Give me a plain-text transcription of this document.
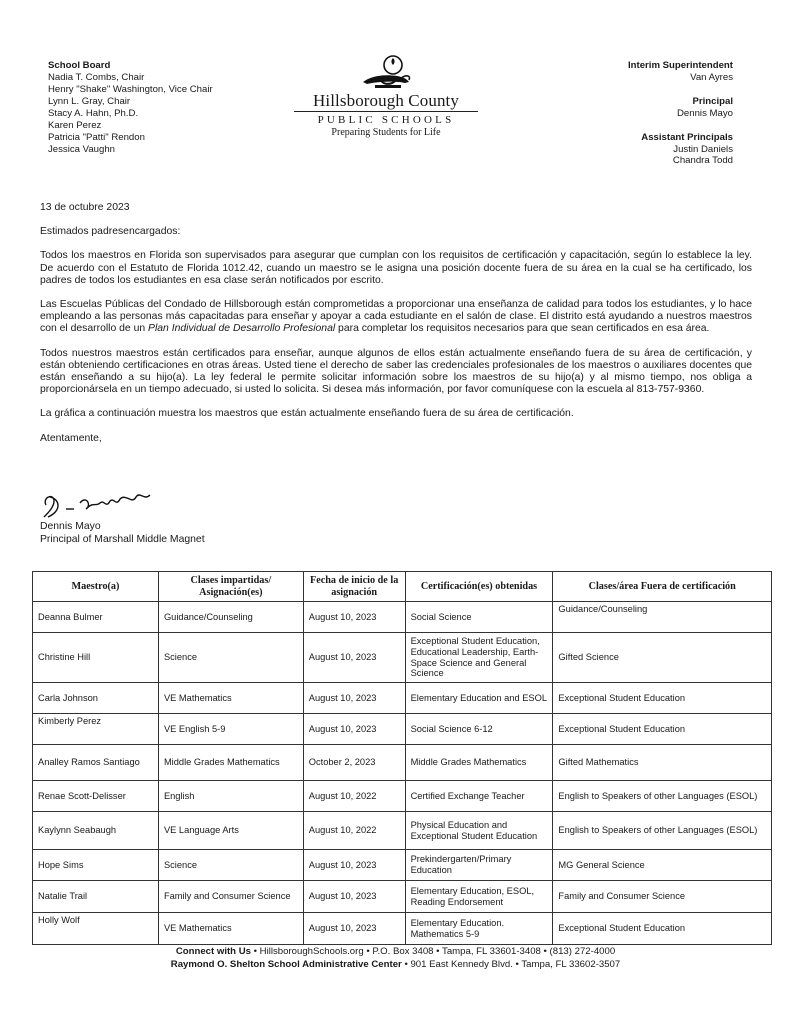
School Board
Nadia T. Combs, Chair
Henry "Shake" Washington, Vice Chair
Lynn L. Gray, Chair
Stacy A. Hahn, Ph.D.
Karen Perez
Patricia "Patti" Rendon
Jessica Vaughn
Hillsborough County
PUBLIC SCHOOLS
Preparing Students for Life
Interim Superintendent
Van Ayres
Principal
Dennis Mayo
Assistant Principals
Justin Daniels
Chandra Todd

13 de octubre 2023

Estimados padresencargados:

Todos los maestros en Florida son supervisados para asegurar que cumplan con los requisitos de certificación y capacitación, según lo establece la ley. De acuerdo con el Estatuto de Florida 1012.42, cuando un maestro se le asigna una posición docente fuera de su área en la cual se ha certificado, los padres de todos los estudiantes en esa clase serán notificados por escrito.

Las Escuelas Públicas del Condado de Hillsborough están comprometidas a proporcionar una enseñanza de calidad para todos los estudiantes, y lo hace empleando a las personas más capacitadas para enseñar y apoyar a cada estudiante en el salón de clase. El distrito está ayudando a nuestros maestros con el desarrollo de un Plan Individual de Desarrollo Profesional para completar los requisitos necesarios para que sean certificados en esa área.

Todos nuestros maestros están certificados para enseñar, aunque algunos de ellos están actualmente enseñando fuera de su área de certificación, y están obteniendo certificaciones en otras áreas. Usted tiene el derecho de saber las credenciales profesionales de los maestros o auxiliares docentes que están enseñando a su hijo(a). La ley federal le permite solicitar información sobre los maestros de su hijo(a) y al mismo tiempo, nos obliga a proporcionársela en un tiempo adecuado, si usted lo solicita. Si desea más información, por favor comuníquese con la escuela al 813-757-9360.

La gráfica a continuación muestra los maestros que están actualmente enseñando fuera de su área de certificación.

Atentamente,

Dennis Mayo
Principal of Marshall Middle Magnet
Maestro(a)	Clases impartidas/ Asignación(es)	Fecha de inicio de la asignación	Certificación(es) obtenidas	Clases/área Fuera de certificación
Deanna Bulmer	Guidance/Counseling	August 10, 2023	Social Science	Guidance/Counseling
Christine Hill	Science	August 10, 2023	Exceptional Student Education, Educational Leadership, Earth-Space Science and General Science	Gifted Science
Carla Johnson	VE Mathematics	August 10, 2023	Elementary Education and ESOL	Exceptional Student Education
Kimberly Perez	VE English 5-9	August 10, 2023	Social Science 6-12	Exceptional Student Education
Analley Ramos Santiago	Middle Grades Mathematics	October 2, 2023	Middle Grades Mathematics	Gifted Mathematics
Renae Scott-Delisser	English	August 10, 2022	Certified Exchange Teacher	English to Speakers of other Languages (ESOL)
Kaylynn Seabaugh	VE Language Arts	August 10, 2022	Physical Education and Exceptional Student Education	English to Speakers of other Languages (ESOL)
Hope Sims	Science	August 10, 2023	Prekindergarten/Primary Education	MG General Science
Natalie Trail	Family and Consumer Science	August 10, 2023	Elementary Education, ESOL, Reading Endorsement	Family and Consumer Science
Holly Wolf	VE Mathematics	August 10, 2023	Elementary Education. Mathematics 5-9	Exceptional Student Education
Connect with Us • HillsboroughSchools.org • P.O. Box 3408 • Tampa, FL 33601-3408 • (813) 272-4000
Raymond O. Shelton School Administrative Center • 901 East Kennedy Blvd. • Tampa, FL 33602-3507
